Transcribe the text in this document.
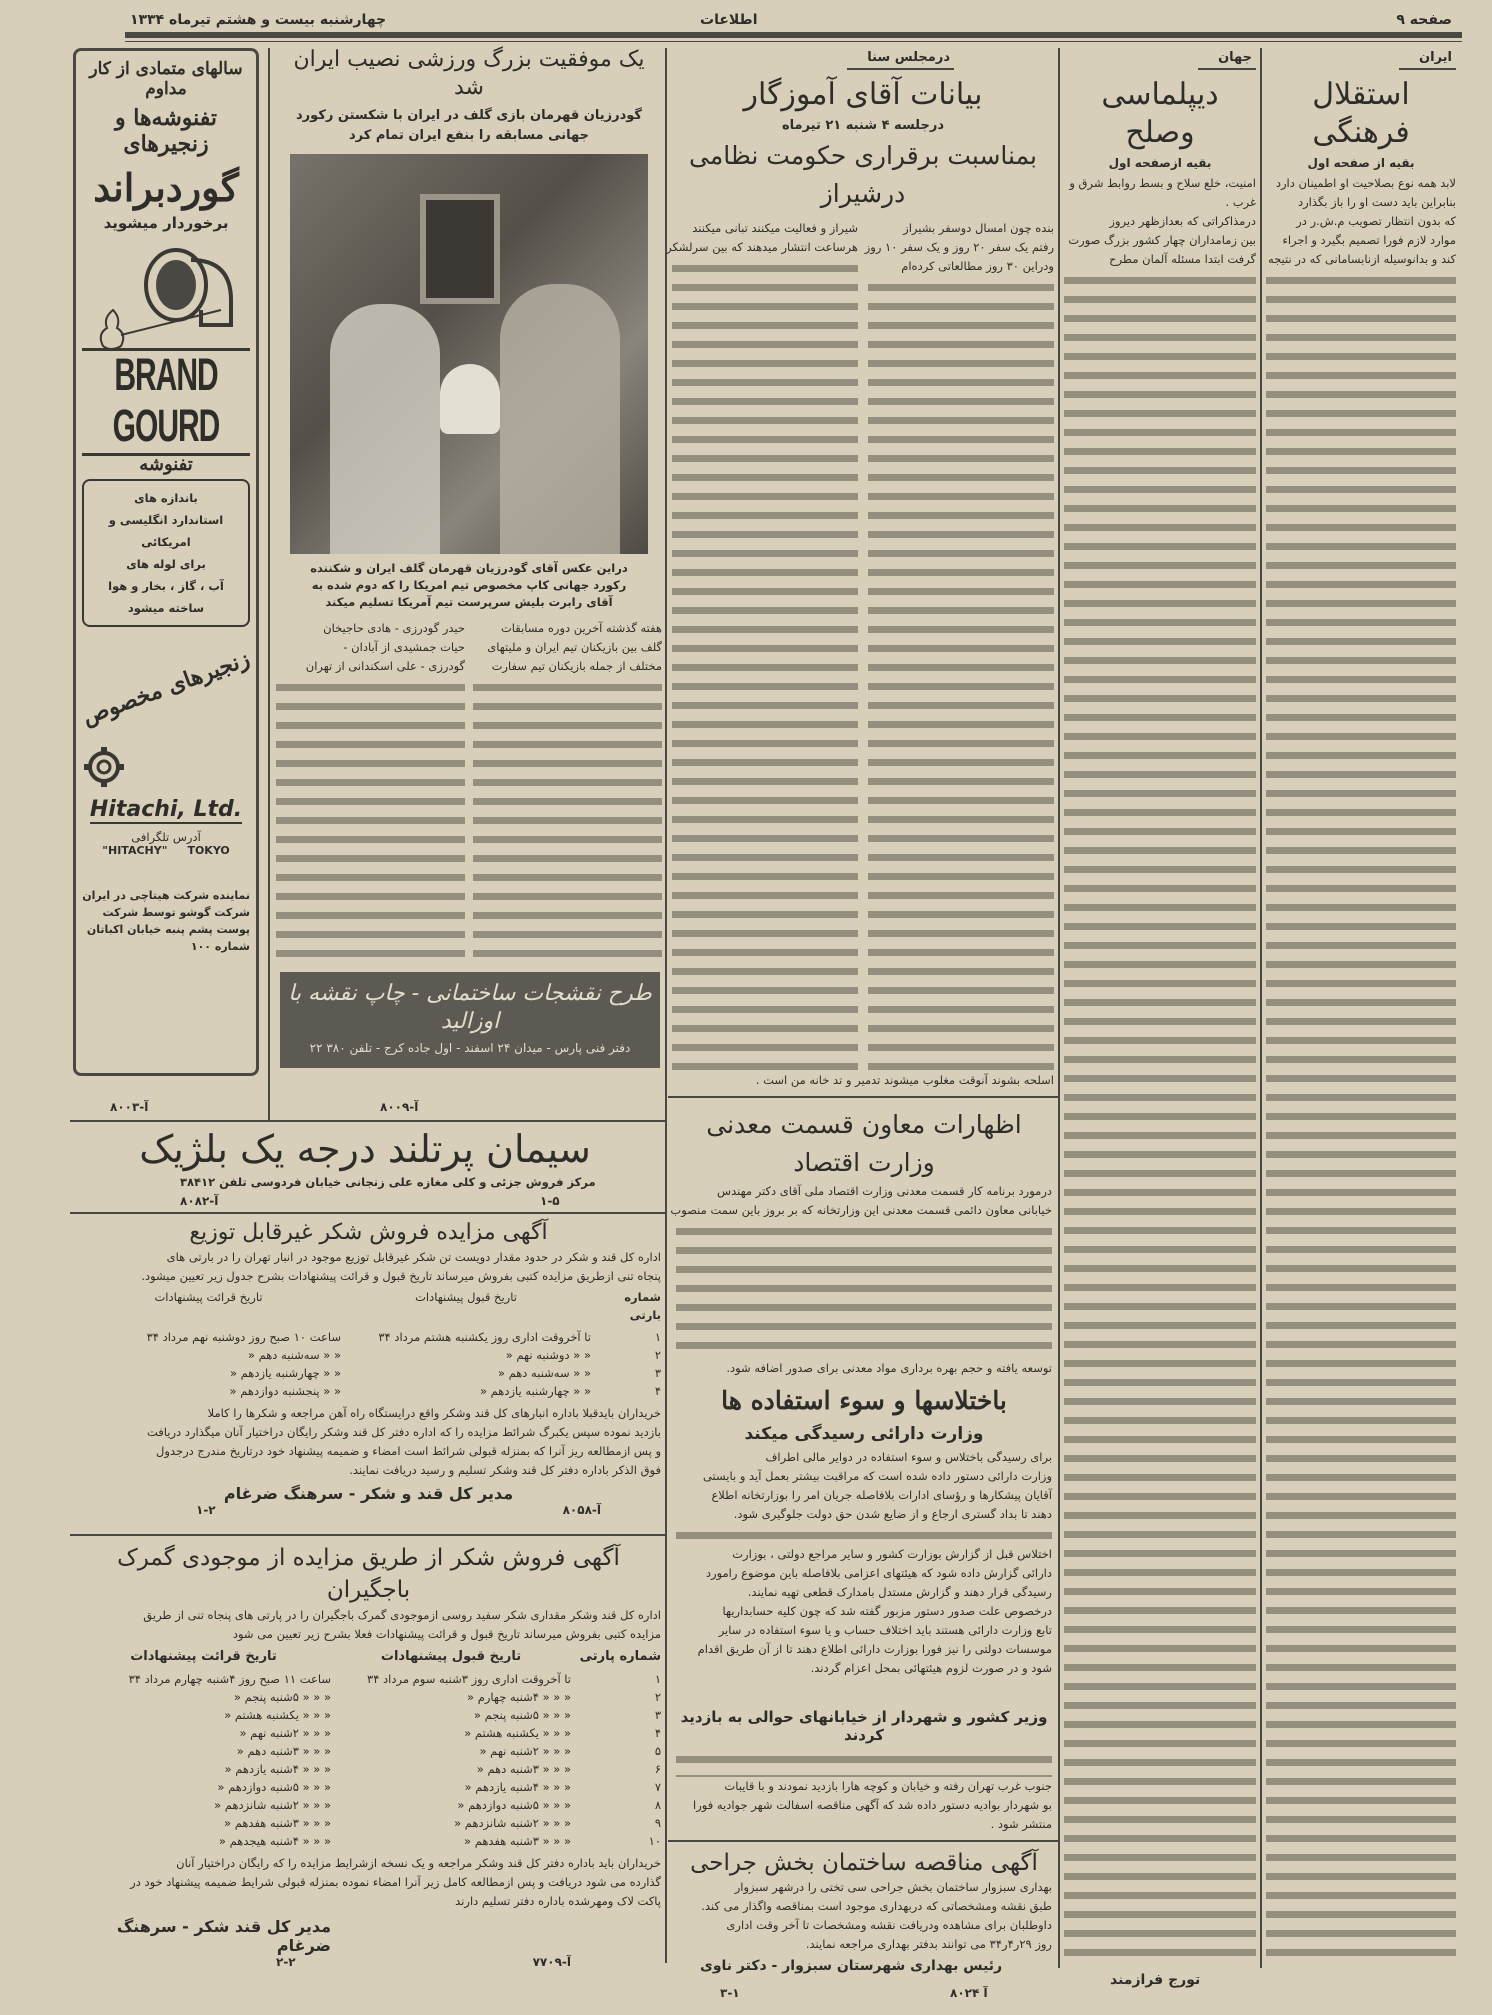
صفحه ۹
اطلاعات
چهارشنبه بیست و هشتم تیرماه ۱۳۳۴
ایران
استقلال فرهنگی
بقیه از صفحه اول
لابد همه نوع بصلاحیت او اطمینان دارد
بنابراین باید دست او را باز بگذارد
که بدون انتظار تصویب م.ش.ر در
موارد لازم فورا تصمیم بگیرد و اجراء
کند و بدانوسیله ازنابسامانی که در نتیجه
جهان
دیپلماسی وصلح
بقیه ازصفحه اول
امنیت، خلع سلاح و بسط روابط شرق و
غرب .
درمذاکراتی که بعدازظهر دیروز
بین زمامداران چهار کشور بزرگ صورت
گرفت ابتدا مسئله آلمان مطرح
تورج فرازمند
درمجلس سنا
بیانات آقای آموزگار
درجلسه ۴ شنبه ۲۱ تیرماه
بمناسبت برقراری حکومت نظامی درشیراز
بنده چون امسال دوسفر بشیراز
رفتم یک سفر ۲۰ روز و یک سفر ۱۰ روز
ودراین ۳۰ روز مطالعاتی کرده‌ام
شیراز و فعالیت میکنند تبانی میکنند
هرساعت انتشار میدهند که بین سرلشکر
اسلحه بشوند آنوقت مغلوب میشوند تدمیر و تد خانه من است .
اظهارات معاون قسمت معدنی وزارت اقتصاد
درمورد برنامه کار قسمت معدنی وزارت اقتصاد ملی آقای دکتر مهندس
خیابانی معاون دائمی قسمت معدنی این وزارتخانه که بر بروز باین سمت منصوب
توسعه یافته و حجم بهره برداری مواد معدنی برای صدور اضافه شود.
باختلاسها و سوء استفاده ها
وزارت دارائی رسیدگی میکند
برای رسیدگی باختلاس و سوء استفاده در دوایر مالی اطراف
وزارت دارائی دستور داده شده است که مراقبت بیشتر بعمل آید و بایستی
آقایان پیشکارها و رؤسای ادارات بلافاصله جریان امر را بوزارتخانه اطلاع
دهند تا بداد گستری ارجاع و از ضایع شدن حق دولت جلوگیری شود.
اختلاس قبل از گزارش بوزارت کشور و سایر مراجع دولتی ، بوزارت
دارائی گزارش داده شود که هیئتهای اعزامی بلافاصله باین موضوع رامورد
رسیدگی قرار دهند و گزارش مستدل بامدارک قطعی تهیه نمایند.
درخصوص علت صدور دستور مزبور گفته شد که چون کلیه حسابداریها
تابع وزارت دارائی هستند باید اختلاف حساب و یا سوء استفاده در سایر
موسسات دولتی را نیز فورا بوزارت دارائی اطلاع دهند تا از آن طریق اقدام
شود و در صورت لزوم هیئتهائی بمحل اعزام گردند.
وزیر کشور و شهردار از خیابانهای حوالی به بازدید کردند
جنوب غرب تهران رفته و خیابان و کوچه هارا بازدید نمودند و با قایبات
بو شهردار بوادیه دستور داده شد که آگهی مناقصه اسفالت شهر جوادیه فورا
منتشر شود .
آگهی مناقصه ساختمان بخش جراحی
بهداری سبزوار ساختمان بخش جراحی سی تختی را درشهر سبزوار
طبق نقشه ومشخصاتی که دربهداری موجود است بمناقصه واگذار می کند.
داوطلبان برای مشاهده ودریافت نقشه ومشخصات تا آخر وقت اداری
روز ۲۹ر۴ر۳۴ می توانند بدفتر بهداری مراجعه نمایند.
رئیس بهداری شهرستان سبزوار - دکتر ناوی
آ ۸۰۲۴
۳-۱
یک موفقیت بزرگ ورزشی نصیب ایران شد
گودرزیان قهرمان بازی گلف در ایران با شکستن رکورد جهانی مسابقه را بنفع ایران تمام کرد
دراین عکس آقای گودرزیان قهرمان گلف ایران و شکننده رکورد جهانی کاپ مخصوص تیم امریکا را که دوم شده به آقای رابرت بلیش سرپرست تیم آمریکا تسلیم میکند
هفته گذشته آخرین دوره مسابقات
گلف بین بازیکنان تیم ایران و ملیتهای
مختلف از جمله بازیکنان تیم سفارت
حیدر گودرزی - هادی حاجیخان
حیات جمشیدی از آبادان -
گودرزی - علی اسکندانی از تهران
طرح نقشجات ساختمانی - چاپ نقشه با اوزالید
دفتر فنی پارس - میدان ۲۴ اسفند - اول جاده کرج - تلفن ۳۸۰ ۲۲
آ-۸۰۰۹
سالهای متمادی از کار مداوم
تفنوشه‌ها و زنجیرهای
گوردبراند
برخوردار میشوید
BRAND GOURD
تفنوشه
باندازه های
استاندارد انگلیسی و امریکائی
برای لوله های
آب ، گاز ، بخار و هوا
ساخته میشود
زنجیرهای مخصوص
Hitachi, Ltd.
آدرس تلگرافی
"HITACHY" TOKYO
نماینده شرکت هیتاچی در ایران
شرکت گوشو توسط شرکت
پوست پشم پنبه خیابان اکباتان
شماره ۱۰۰
آ-۸۰۰۳
سیمان پرتلند درجه یک بلژیک
مرکز فروش جزئی و کلی مغازه علی زنجانی خیابان فردوسی تلفن ۳۸۴۱۲
آ-۸۰۸۲	۱-۵
آگهی مزایده فروش شکر غیرقابل توزیع
اداره کل قند و شکر در حدود مقدار دویست تن شکر غیرقابل توزیع موجود در انبار تهران را در بارتی های
پنجاه تنی ازطریق مزایده کتبی بفروش میرساند تاریخ قبول و قرائت پیشنهادات بشرح جدول زیر تعیین میشود.
شماره بارتی
تاریخ قبول پیشنهادات
تاریخ قرائت پیشنهادات
۱
تا آخروقت اداری روز یکشنبه هشتم مرداد ۳۴
ساعت ۱۰ صبح روز دوشنبه نهم مرداد ۳۴
۲
« « دوشنبه نهم «
« « سه‌شنبه دهم «
۳
« « سه‌شنبه دهم «
« « چهارشنبه یازدهم «
۴
« « چهارشنبه یازدهم «
« « پنجشنبه دوازدهم «
خریداران بایدقبلا باداره انبارهای کل قند وشکر واقع درایستگاه راه آهن مراجعه و شکرها را کاملا
بازدید نموده سپس یکبرگ شرائط مزایده را که اداره دفتر کل قند وشکر رایگان دراختیار آنان میگذارد دریافت
و پس ازمطالعه ریز آنرا که بمنزله قبولی شرائط است امضاء و ضمیمه پیشنهاد خود درتاریخ مندرج درجدول
فوق الذکر باداره دفتر کل قند وشکر تسلیم و رسید دریافت نمایند.
مدیر کل قند و شکر - سرهنگ ضرغام
آ-۸۰۵۸
۱-۲
آگهی فروش شکر از طریق مزایده از موجودی گمرک باجگیران
اداره کل قند وشکر مقداری شکر سفید روسی ازموجودی گمرک باجگیران را در پارتی های پنجاه تنی از طریق
مزایده کتبی بفروش میرساند تاریخ قبول و قرائت پیشنهادات فعلا بشرح زیر تعیین می شود
شماره پارتی
تاریخ قبول پیشنهادات
تاریخ قرائت پیشنهادات
۱
تا آخروقت اداری روز ۳شنبه سوم مرداد ۳۴
ساعت ۱۱ صبح روز ۴شنبه چهارم مرداد ۳۴
۲
« « « ۴شنبه چهارم «
« « « ۵شنبه پنجم «
۳
« « « ۵شنبه پنجم «
« « « یکشنبه هشتم «
۴
« « « یکشنبه هشتم «
« « « ۲شنبه نهم «
۵
« « « ۲شنبه نهم «
« « « ۳شنبه دهم «
۶
« « « ۳شنبه دهم «
« « « ۴شنبه یازدهم «
۷
« « « ۴شنبه یازدهم «
« « « ۵شنبه دوازدهم «
۸
« « « ۵شنبه دوازدهم «
« « « ۲شنبه شانزدهم «
۹
« « « ۲شنبه شانزدهم «
« « « ۳شنبه هفدهم «
۱۰
« « « ۳شنبه هفدهم «
« « « ۴شنبه هیجدهم «
خریداران باید باداره دفتر کل قند وشکر مراجعه و یک نسخه ازشرایط مزایده را که رایگان دراختیار آنان
گذارده می شود دریافت و پس ازمطالعه کامل زیر آنرا امضاء نموده بمنزله قبولی شرایط ضمیمه پیشنهاد خود در
پاکت لاک ومهرشده باداره دفتر تسلیم دارند
مدیر کل قند شکر - سرهنگ ضرغام
آ-۷۷۰۹
۲-۲
